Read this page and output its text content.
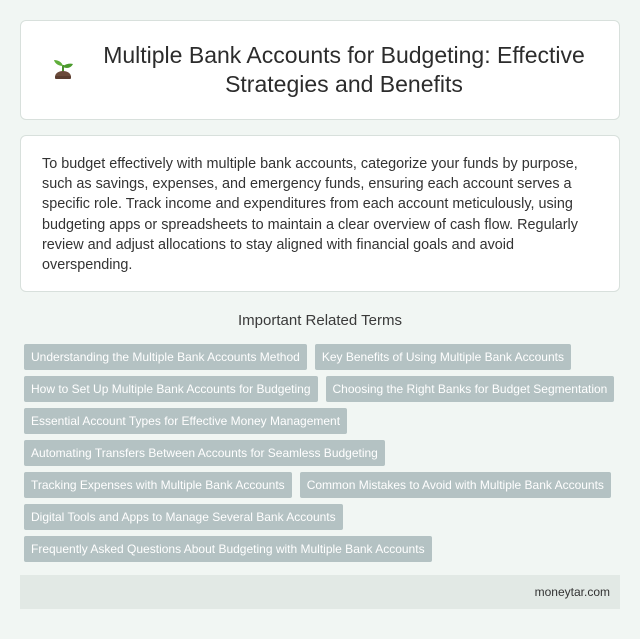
Multiple Bank Accounts for Budgeting: Effective Strategies and Benefits

To budget effectively with multiple bank accounts, categorize your funds by purpose, such as savings, expenses, and emergency funds, ensuring each account serves a specific role. Track income and expenditures from each account meticulously, using budgeting apps or spreadsheets to maintain a clear overview of cash flow. Regularly review and adjust allocations to stay aligned with financial goals and avoid overspending.

Important Related Terms
Understanding the Multiple Bank Accounts Method	Key Benefits of Using Multiple Bank Accounts
How to Set Up Multiple Bank Accounts for Budgeting	Choosing the Right Banks for Budget Segmentation
Essential Account Types for Effective Money Management
Automating Transfers Between Accounts for Seamless Budgeting
Tracking Expenses with Multiple Bank Accounts	Common Mistakes to Avoid with Multiple Bank Accounts
Digital Tools and Apps to Manage Several Bank Accounts
Frequently Asked Questions About Budgeting with Multiple Bank Accounts
moneytar.com
